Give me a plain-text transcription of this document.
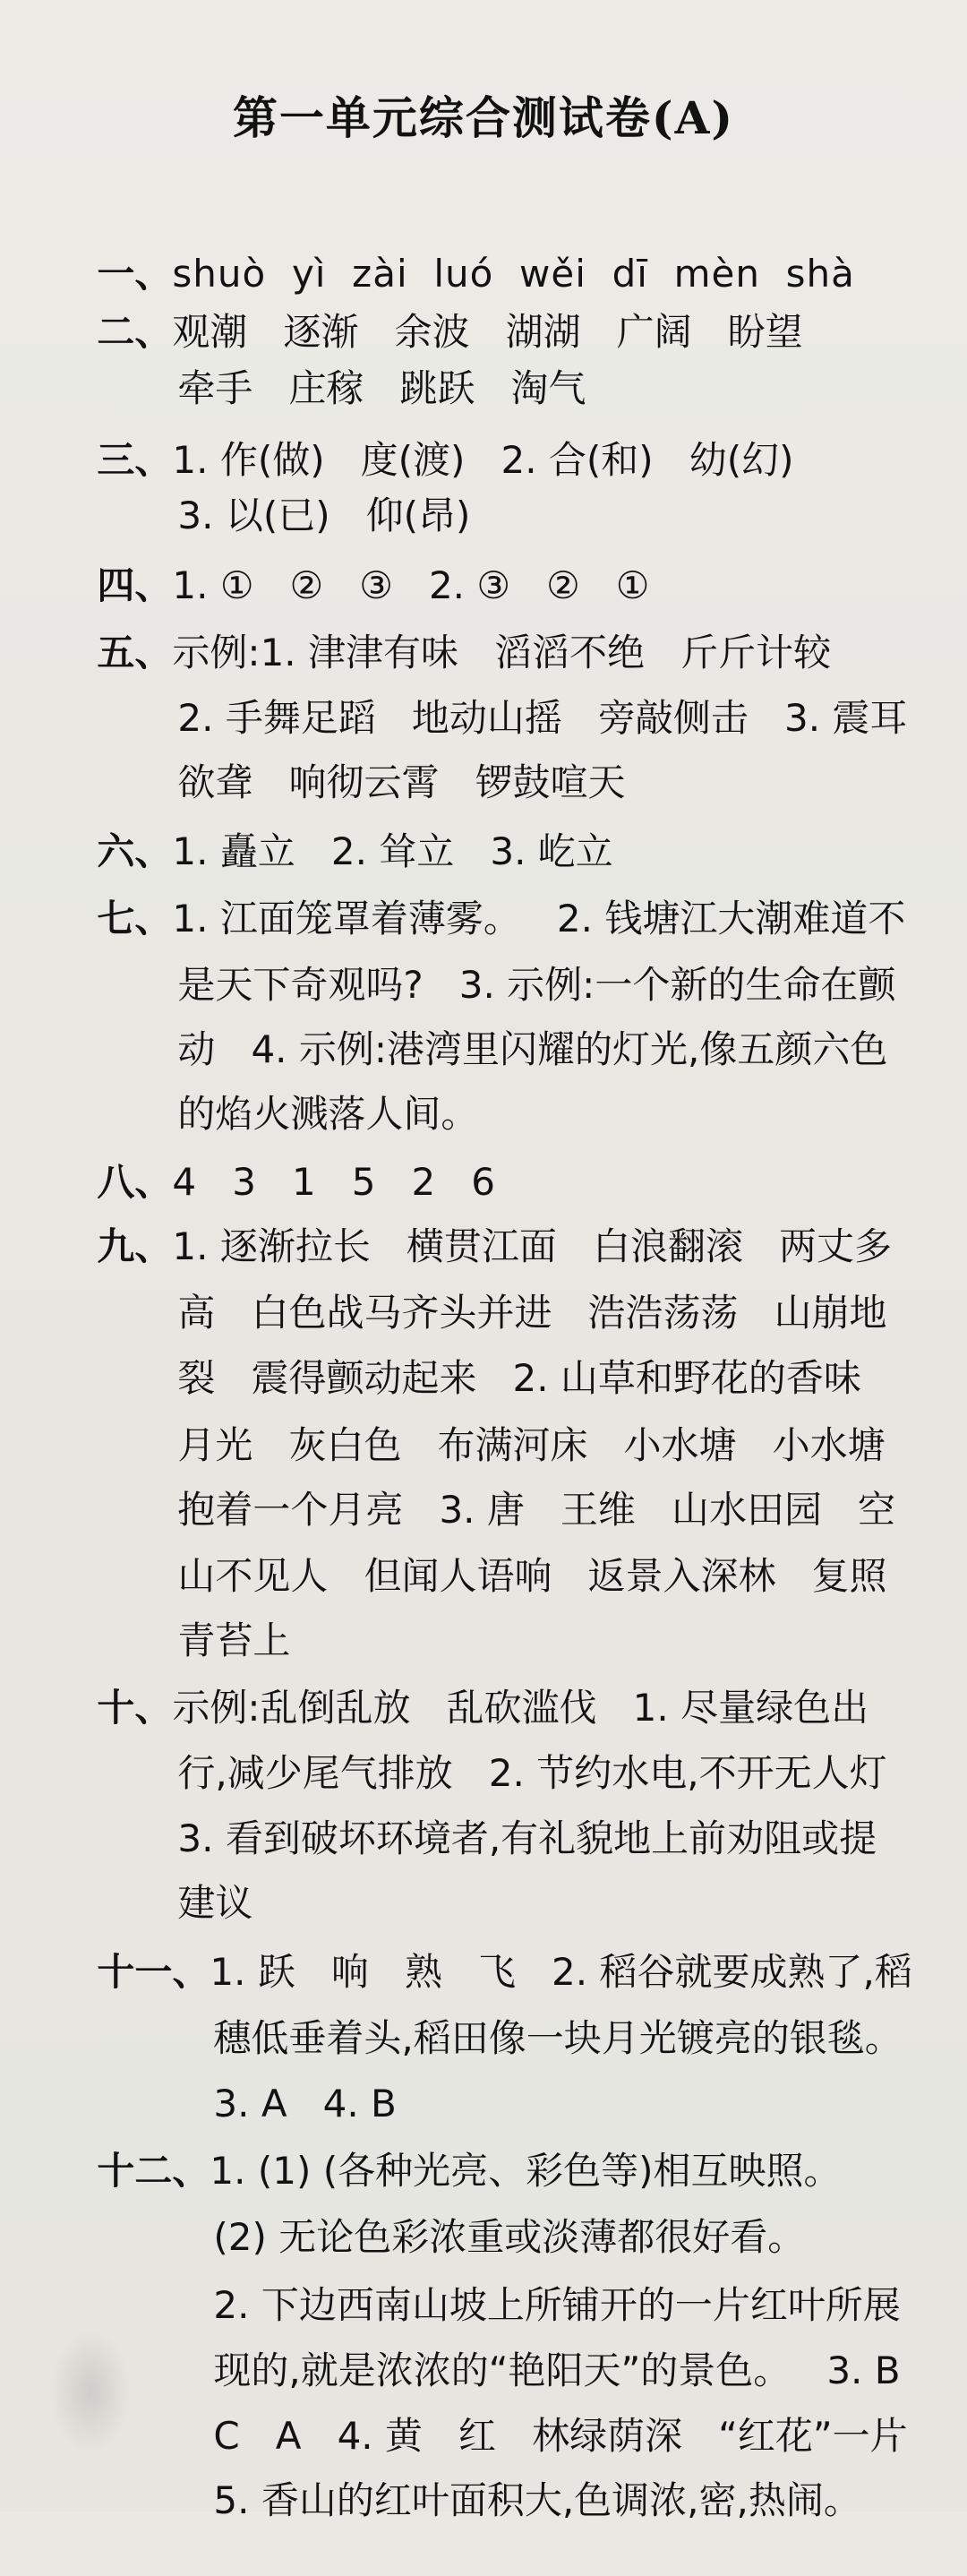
第一单元综合测试卷(A)

一、shuò  yì  zài  luó  wěi  dī  mèn  shà

二、观潮   逐渐   余波   湖湖   广阔   盼望

牵手   庄稼   跳跃   淘气

三、1. 作(做)   度(渡)   2. 合(和)   幼(幻)

3. 以(已)   仰(昂)

四、1. ①   ②   ③   2. ③   ②   ①

五、示例:1. 津津有味   滔滔不绝   斤斤计较

2. 手舞足蹈   地动山摇   旁敲侧击   3. 震耳

欲聋   响彻云霄   锣鼓喧天

六、1. 矗立   2. 耸立   3. 屹立

七、1. 江面笼罩着薄雾。   2. 钱塘江大潮难道不

是天下奇观吗?   3. 示例:一个新的生命在颤

动   4. 示例:港湾里闪耀的灯光,像五颜六色

的焰火溅落人间。

八、4   3   1   5   2   6

九、1. 逐渐拉长   横贯江面   白浪翻滚   两丈多

高   白色战马齐头并进   浩浩荡荡   山崩地

裂   震得颤动起来   2. 山草和野花的香味

月光   灰白色   布满河床   小水塘   小水塘

抱着一个月亮   3. 唐   王维   山水田园   空

山不见人   但闻人语响   返景入深林   复照

青苔上

十、示例:乱倒乱放   乱砍滥伐   1. 尽量绿色出

行,减少尾气排放   2. 节约水电,不开无人灯

3. 看到破坏环境者,有礼貌地上前劝阻或提

建议

十一、1. 跃   响   熟   飞   2. 稻谷就要成熟了,稻

穗低垂着头,稻田像一块月光镀亮的银毯。

3. A   4. B

十二、1. (1) (各种光亮、彩色等)相互映照。

(2) 无论色彩浓重或淡薄都很好看。

2. 下边西南山坡上所铺开的一片红叶所展

现的,就是浓浓的“艳阳天”的景色。   3. B

C   A   4. 黄   红   林绿荫深   “红花”一片

5. 香山的红叶面积大,色调浓,密,热闹。
